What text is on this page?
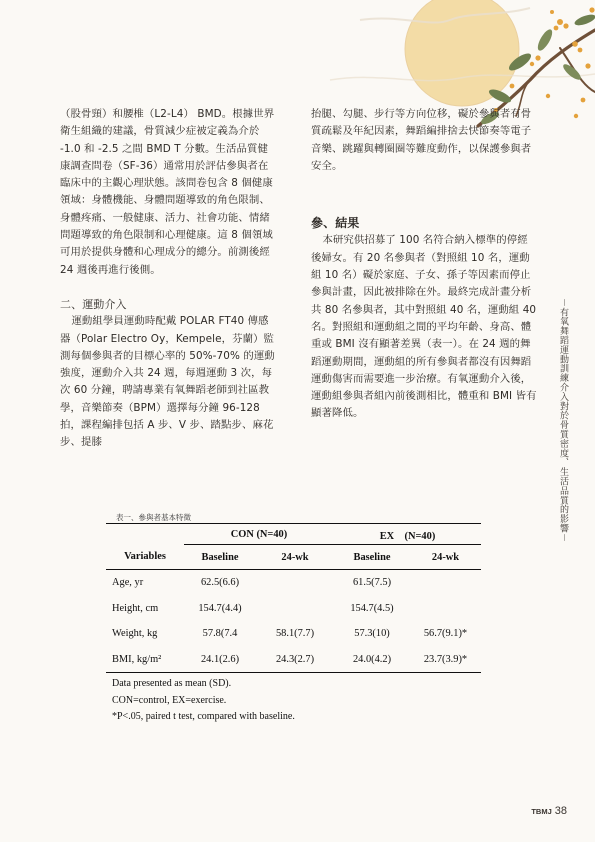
（股骨頸）和腰椎（L2-L4） BMD。根據世界衛生組織的建議，骨質減少症被定義為介於 -1.0 和 -2.5 之間 BMD T 分數。生活品質健康調查問卷（SF-36）通常用於評估參與者在臨床中的主觀心理狀態。該問卷包含 8 個健康領域：身體機能、身體問題導致的角色限制、身體疼痛、一般健康、活力、社會功能、情緒問題導致的角色限制和心理健康。這 8 個領域可用於提供身體和心理成分的總分。前測後經 24 週後再進行後側。

二、運動介入

運動組學員運動時配戴 POLAR FT40 傳感器（Polar Electro Oy，Kempele，芬蘭）監測每個參與者的目標心率的 50%-70% 的運動強度，運動介入共 24 週，每週運動 3 次，每次 60 分鐘，聘請專業有氧舞蹈老師到社區教學，音樂節奏（BPM）選擇每分鐘 96-128 拍，課程編排包括 A 步、V 步、踏點步、麻花步、提膝

抬腿、勾腿、步行等方向位移，礙於參與者有骨質疏鬆及年紀因素，舞蹈編排捨去快節奏等電子音樂、跳躍與轉圈圈等難度動作，以保護參與者安全。

參、結果

本研究供招募了 100 名符合納入標準的停經後婦女。有 20 名參與者（對照組 10 名，運動組 10 名）礙於家庭、子女、孫子等因素而停止參與計畫，因此被排除在外。最終完成計畫分析共 80 名參與者，其中對照組 40 名，運動組 40 名。對照組和運動組之間的平均年齡、身高、體重或 BMI 沒有顯著差異（表一）。在 24 週的舞蹈運動期間，運動組的所有參與者都沒有因舞蹈運動傷害而需要進一步治療。有氧運動介入後，運動組參與者組內前後測相比，體重和 BMI 皆有顯著降低。	－有氧舞蹈運動訓練介入對於骨質密度、生活品質的影響－
表一、參與者基本特徵
	CON (N=40)		EX　(N=40)	
Variables	Baseline	24-wk	Baseline	24-wk
Age, yr	62.5(6.6)		61.5(7.5)	
Height, cm	154.7(4.4)		154.7(4.5)	
Weight, kg	57.8(7.4	58.1(7.7)	57.3(10)	56.7(9.1)*
BMI, kg/m²	24.1(2.6)	24.3(2.7)	24.0(4.2)	23.7(3.9)*

Data presented as mean (SD).

CON=control, EX=exercise.

*P<.05, paired t test, compared with baseline.

TBMJ 38
